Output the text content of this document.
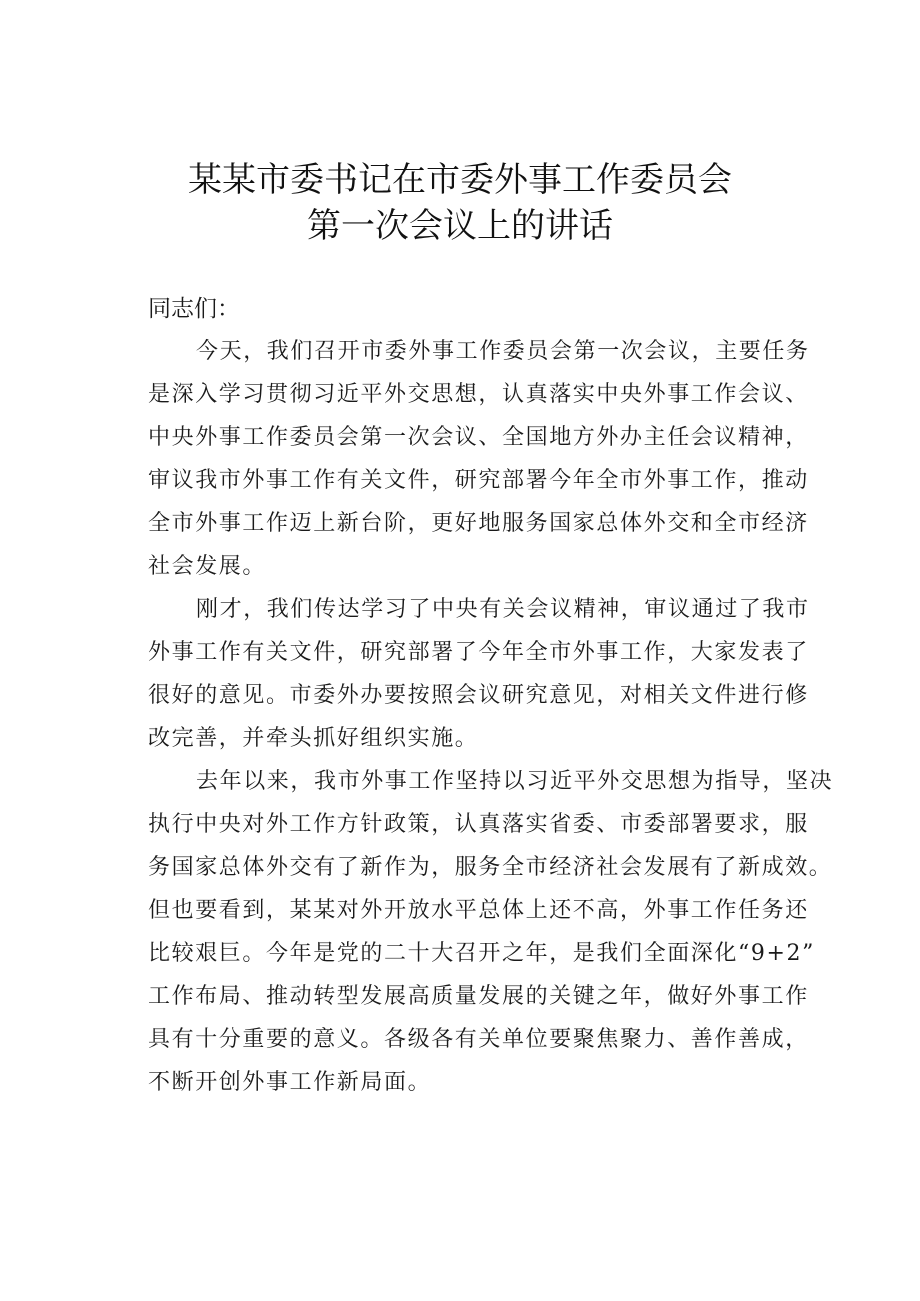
某某市委书记在市委外事工作委员会
第一次会议上的讲话

同志们：

今天，我们召开市委外事工作委员会第一次会议，主要任务
是深入学习贯彻习近平外交思想，认真落实中央外事工作会议、
中央外事工作委员会第一次会议、全国地方外办主任会议精神，
审议我市外事工作有关文件，研究部署今年全市外事工作，推动
全市外事工作迈上新台阶，更好地服务国家总体外交和全市经济
社会发展。
刚才，我们传达学习了中央有关会议精神，审议通过了我市
外事工作有关文件，研究部署了今年全市外事工作，大家发表了
很好的意见。市委外办要按照会议研究意见，对相关文件进行修
改完善，并牵头抓好组织实施。
去年以来，我市外事工作坚持以习近平外交思想为指导，坚决
执行中央对外工作方针政策，认真落实省委、市委部署要求，服
务国家总体外交有了新作为，服务全市经济社会发展有了新成效。
但也要看到，某某对外开放水平总体上还不高，外事工作任务还
比较艰巨。今年是党的二十大召开之年，是我们全面深化“9+2”
工作布局、推动转型发展高质量发展的关键之年，做好外事工作
具有十分重要的意义。各级各有关单位要聚焦聚力、善作善成，
不断开创外事工作新局面。
